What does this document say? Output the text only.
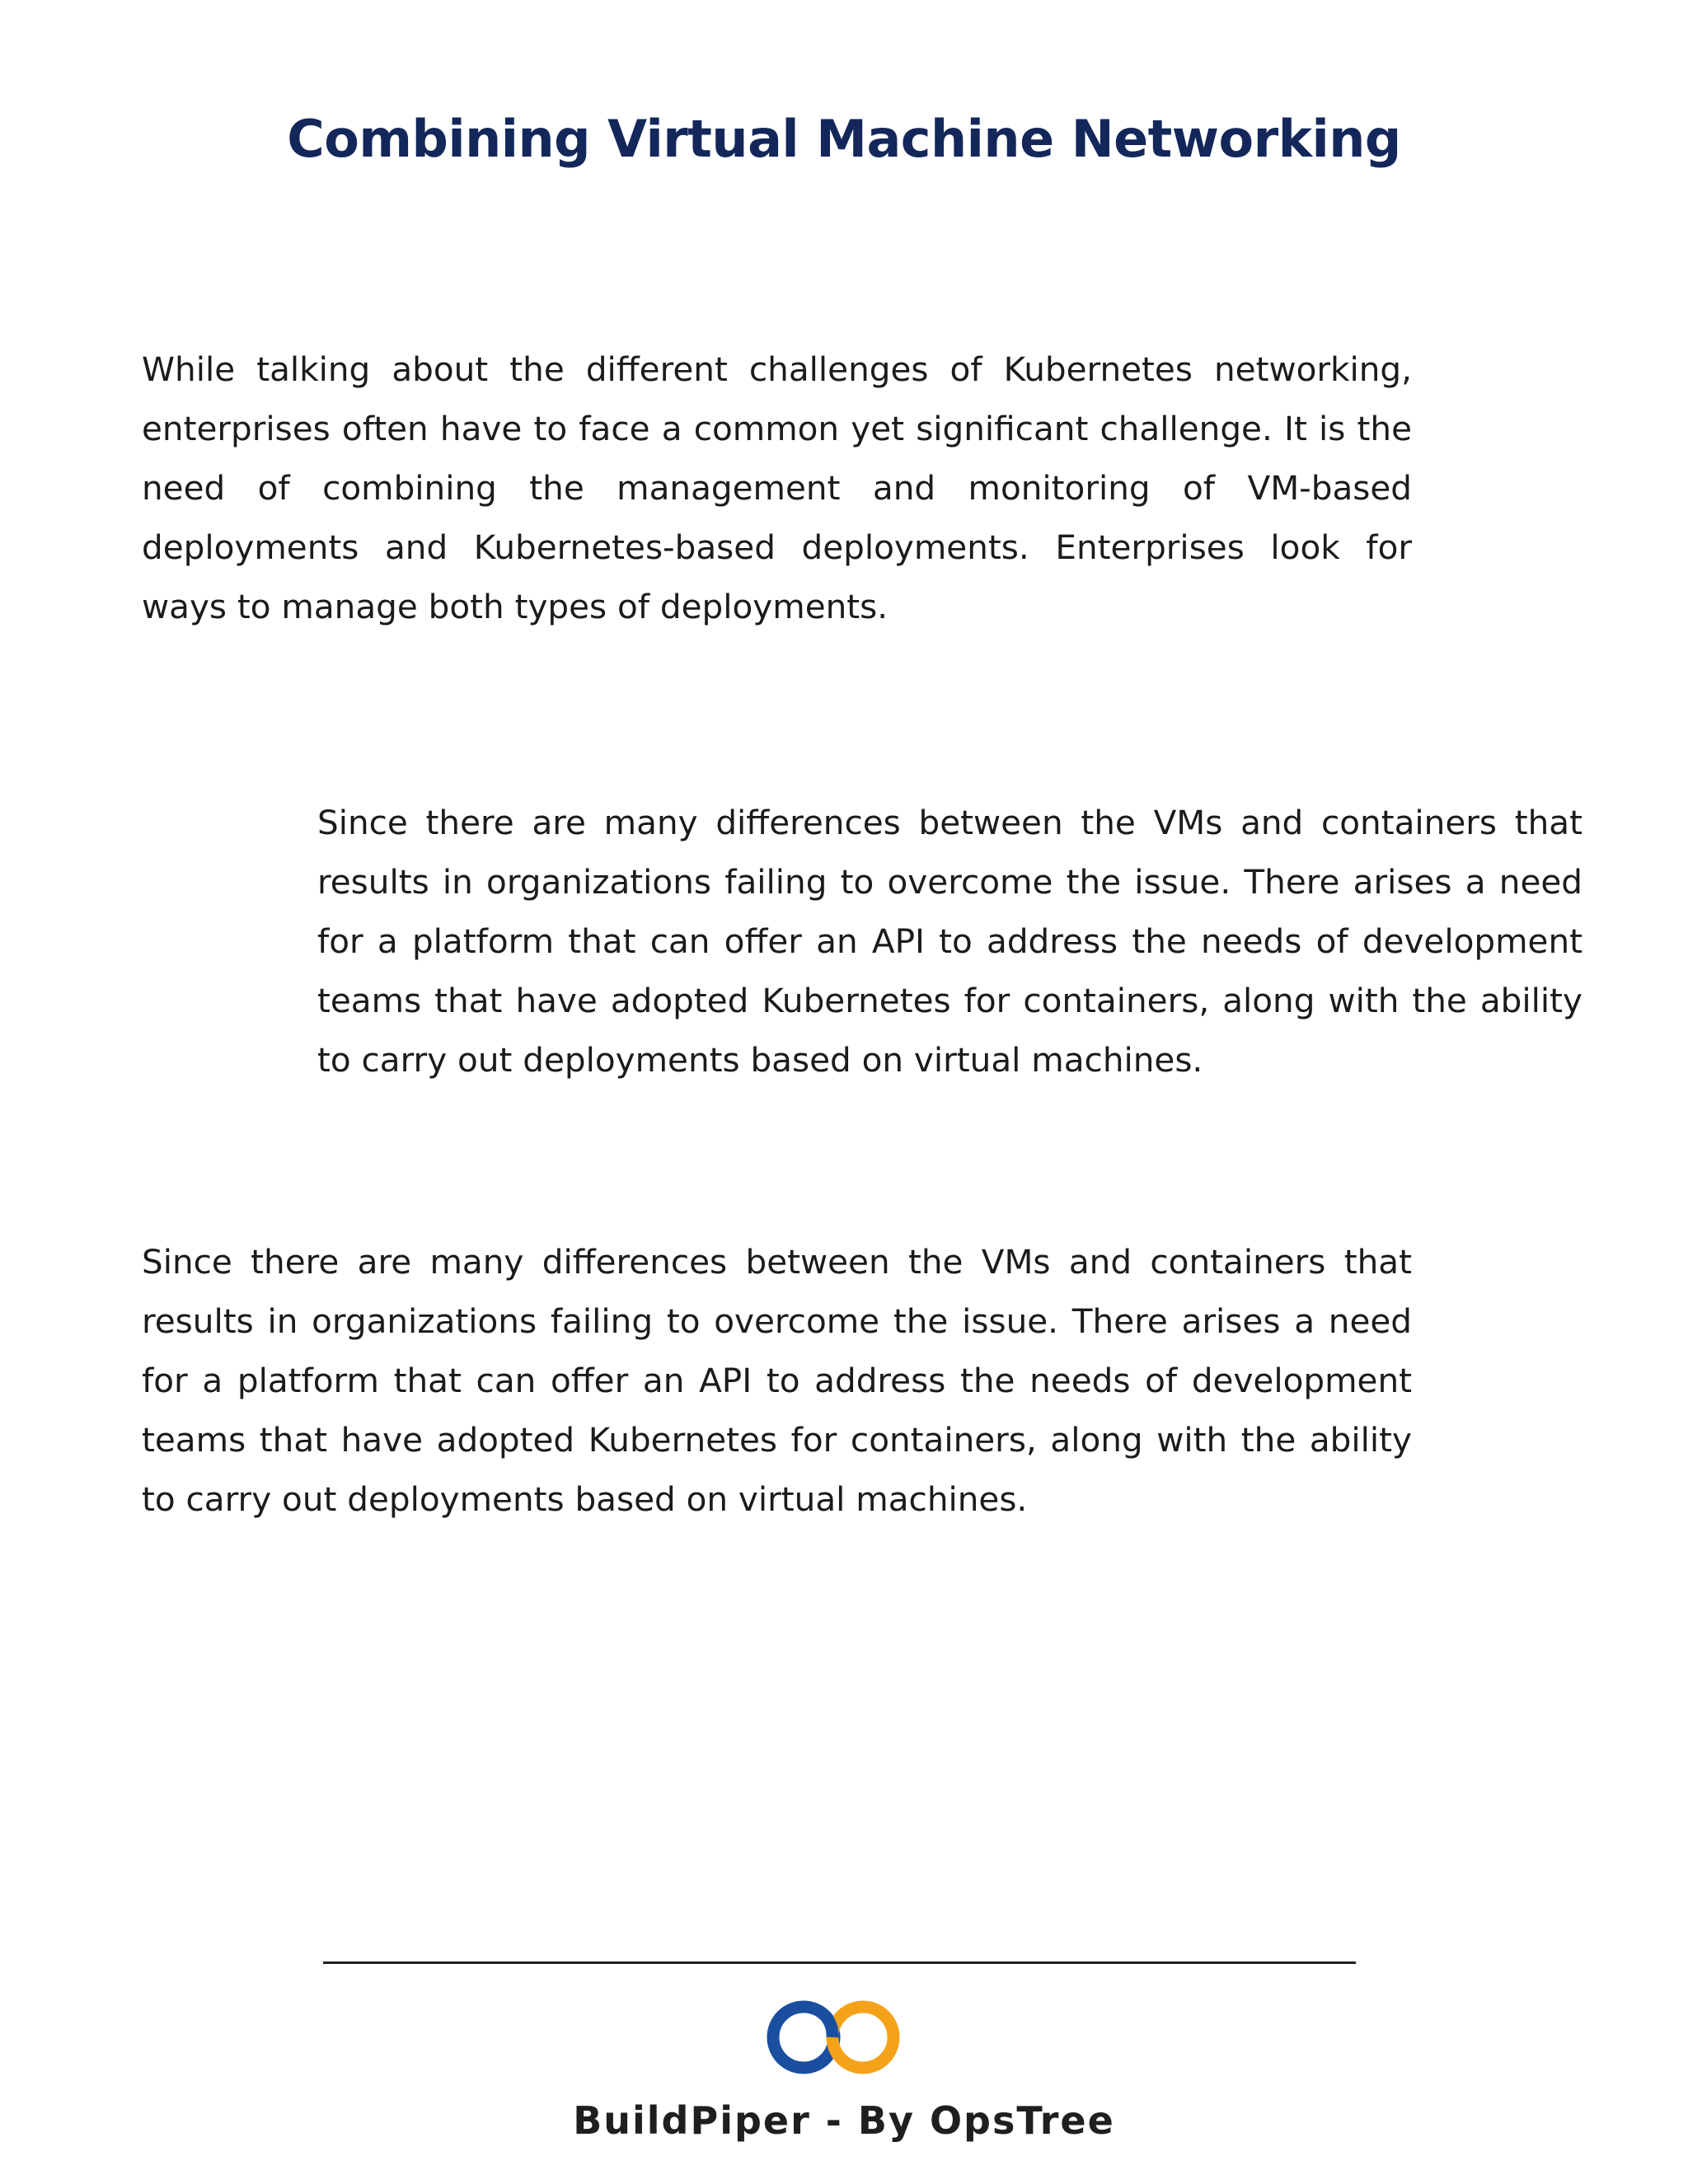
Combining Virtual Machine Networking

While talking about the different challenges of Kubernetes networking, enterprises often have to face a common yet significant challenge. It is the need of combining the management and monitoring of VM-based deployments and Kubernetes-based deployments. Enterprises look for ways to manage both types of deployments.

Since there are many differences between the VMs and containers that results in organizations failing to overcome the issue. There arises a need for a platform that can offer an API to address the needs of development teams that have adopted Kubernetes for containers, along with the ability to carry out deployments based on virtual machines.

Since there are many differences between the VMs and containers that results in organizations failing to overcome the issue. There arises a need for a platform that can offer an API to address the needs of development teams that have adopted Kubernetes for containers, along with the ability to carry out deployments based on virtual machines.

BuildPiper - By OpsTree
